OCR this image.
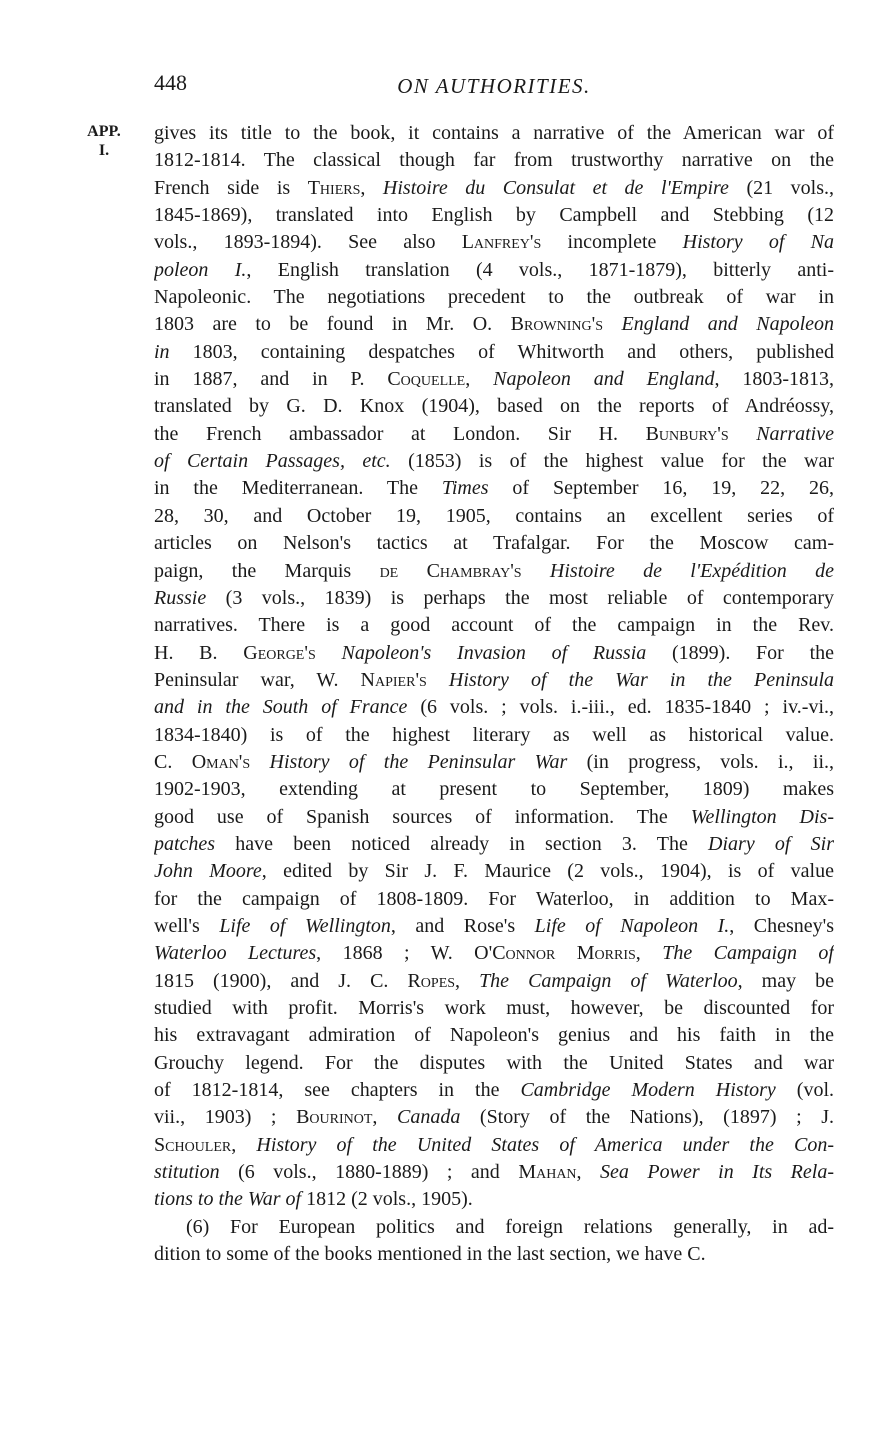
448	ON AUTHORITIES.
APP.
I.
gives its title to the book, it contains a narrative of the American war of
1812-1814. The classical though far from trustworthy narrative on the
French side is Thiers, Histoire du Consulat et de l'Empire (21 vols.,
1845-1869), translated into English by Campbell and Stebbing (12
vols., 1893-1894). See also Lanfrey's incomplete History of Na
poleon I., English translation (4 vols., 1871-1879), bitterly anti-
Napoleonic. The negotiations precedent to the outbreak of war in
1803 are to be found in Mr. O. Browning's England and Napoleon
in 1803, containing despatches of Whitworth and others, published
in 1887, and in P. Coquelle, Napoleon and England, 1803-1813,
translated by G. D. Knox (1904), based on the reports of Andréossy,
the French ambassador at London. Sir H. Bunbury's Narrative
of Certain Passages, etc. (1853) is of the highest value for the war
in the Mediterranean. The Times of September 16, 19, 22, 26,
28, 30, and October 19, 1905, contains an excellent series of
articles on Nelson's tactics at Trafalgar. For the Moscow cam-
paign, the Marquis de Chambray's Histoire de l'Expédition de
Russie (3 vols., 1839) is perhaps the most reliable of contemporary
narratives. There is a good account of the campaign in the Rev.
H. B. George's Napoleon's Invasion of Russia (1899). For the
Peninsular war, W. Napier's History of the War in the Peninsula
and in the South of France (6 vols. ; vols. i.-iii., ed. 1835-1840 ; iv.-vi.,
1834-1840) is of the highest literary as well as historical value.
C. Oman's History of the Peninsular War (in progress, vols. i., ii.,
1902-1903, extending at present to September, 1809) makes
good use of Spanish sources of information. The Wellington Dis-
patches have been noticed already in section 3. The Diary of Sir
John Moore, edited by Sir J. F. Maurice (2 vols., 1904), is of value
for the campaign of 1808-1809. For Waterloo, in addition to Max-
well's Life of Wellington, and Rose's Life of Napoleon I., Chesney's
Waterloo Lectures, 1868 ; W. O'Connor Morris, The Campaign of
1815 (1900), and J. C. Ropes, The Campaign of Waterloo, may be
studied with profit. Morris's work must, however, be discounted for
his extravagant admiration of Napoleon's genius and his faith in the
Grouchy legend. For the disputes with the United States and war
of 1812-1814, see chapters in the Cambridge Modern History (vol.
vii., 1903) ; Bourinot, Canada (Story of the Nations), (1897) ; J.
Schouler, History of the United States of America under the Con-
stitution (6 vols., 1880-1889) ; and Mahan, Sea Power in Its Rela-
tions to the War of 1812 (2 vols., 1905).
(6) For European politics and foreign relations generally, in ad-
dition to some of the books mentioned in the last section, we have C.
